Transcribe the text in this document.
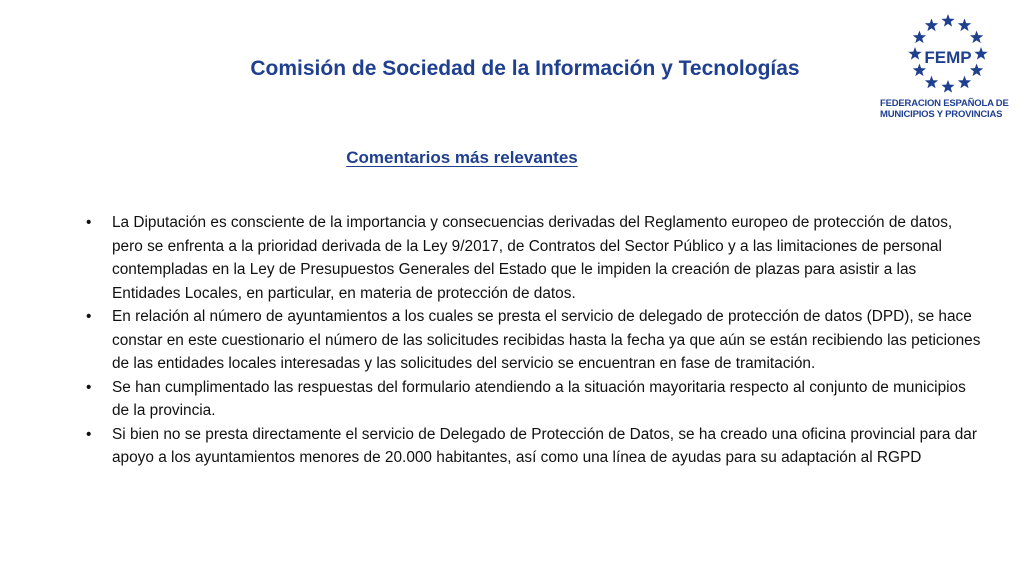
Comisión de Sociedad de la Información y Tecnologías	FEMP
FEDERACION ESPAÑOLA DE
MUNICIPIOS Y PROVINCIAS
Comentarios más relevantes
• La Diputación es consciente de la importancia y consecuencias derivadas del Reglamento europeo de protección de datos, pero se enfrenta a la prioridad derivada de la Ley 9/2017, de Contratos del Sector Público y a las limitaciones de personal contempladas en la Ley de Presupuestos Generales del Estado que le impiden la creación de plazas para asistir a las Entidades Locales, en particular, en materia de protección de datos.
• En relación al número de ayuntamientos a los cuales se presta el servicio de delegado de protección de datos (DPD), se hace constar en este cuestionario el número de las solicitudes recibidas hasta la fecha ya que aún se están recibiendo las peticiones de las entidades locales interesadas y las solicitudes del servicio se encuentran en fase de tramitación.
• Se han cumplimentado las respuestas del formulario atendiendo a la situación mayoritaria respecto al conjunto de municipios de la provincia.
• Si bien no se presta directamente el servicio de Delegado de Protección de Datos, se ha creado una oficina provincial para dar apoyo a los ayuntamientos menores de 20.000 habitantes, así como una línea de ayudas para su adaptación al RGPD
